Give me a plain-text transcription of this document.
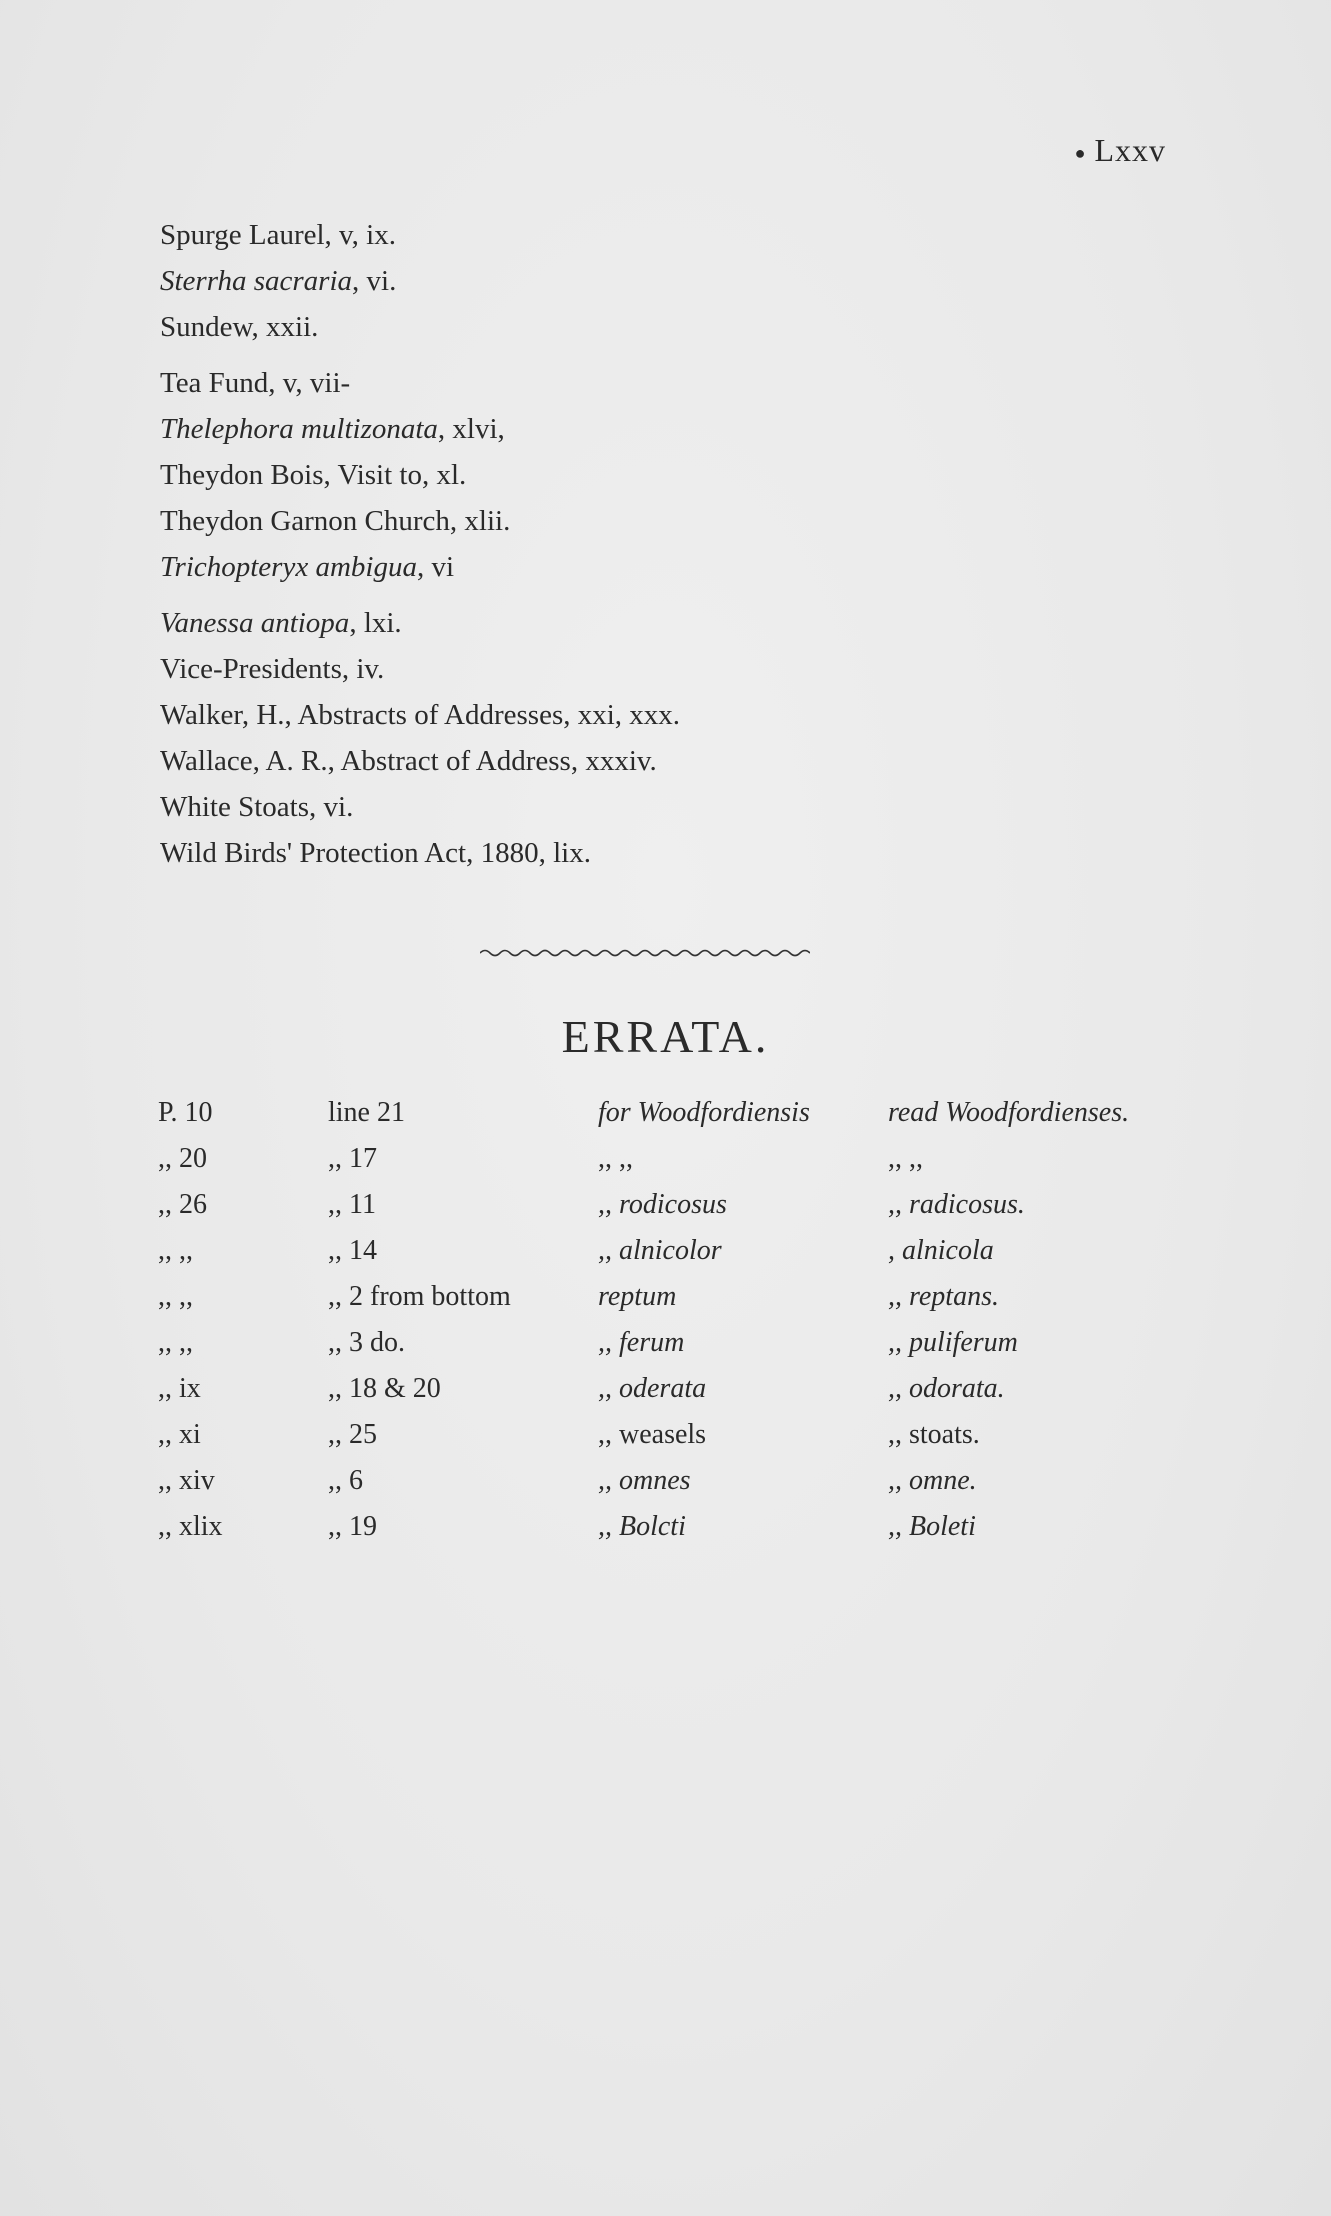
● Lxxv
Spurge Laurel, v, ix.
Sterrha sacraria, vi.
Sundew, xxii.
Tea Fund, v, vii-
Thelephora multizonata, xlvi,
Theydon Bois, Visit to, xl.
Theydon Garnon Church, xlii.
Trichopteryx ambigua, vi
Vanessa antiopa, lxi.
Vice-Presidents, iv.
Walker, H., Abstracts of Addresses, xxi, xxx.
Wallace, A. R., Abstract of Address, xxxiv.
White Stoats, vi.
Wild Birds' Protection Act, 1880, lix.
ERRATA.
P. 10	line 21	for Woodfordiensis	read Woodfordienses.
,, 20	,, 17	,, ,,	,, ,,
,, 26	,, 11	,, rodicosus	,, radicosus.
,, ,,	,, 14	,, alnicolor	, alnicola
,, ,,	,, 2 from bottom	reptum	,, reptans.
,, ,,	,, 3 do.	,, ferum	,, puliferum
,, ix	,, 18 & 20	,, oderata	,, odorata.
,, xi	,, 25	,, weasels	,, stoats.
,, xiv	,, 6	,, omnes	,, omne.
,, xlix	,, 19	,, Bolcti	,, Boleti
